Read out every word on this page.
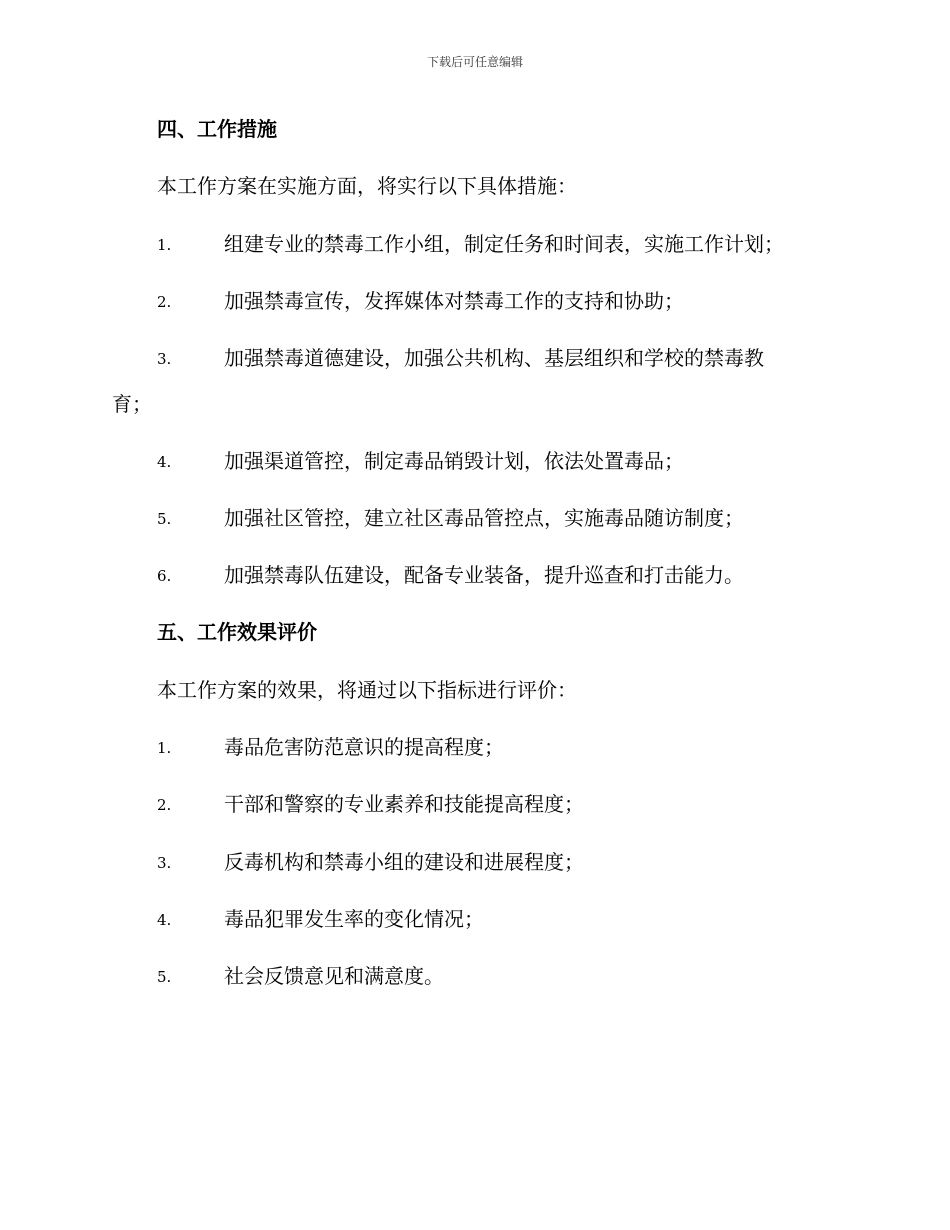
下载后可任意编辑
四、工作措施
本工作方案在实施方面，将实行以下具体措施：
1.	组建专业的禁毒工作小组，制定任务和时间表，实施工作计划；
2.	加强禁毒宣传，发挥媒体对禁毒工作的支持和协助；
3.	加强禁毒道德建设，加强公共机构、基层组织和学校的禁毒教
育；
4.	加强渠道管控，制定毒品销毁计划，依法处置毒品；
5.	加强社区管控，建立社区毒品管控点，实施毒品随访制度；
6.	加强禁毒队伍建设，配备专业装备，提升巡查和打击能力。
五、工作效果评价
本工作方案的效果，将通过以下指标进行评价：
1.	毒品危害防范意识的提高程度；
2.	干部和警察的专业素养和技能提高程度；
3.	反毒机构和禁毒小组的建设和进展程度；
4.	毒品犯罪发生率的变化情况；
5.	社会反馈意见和满意度。
